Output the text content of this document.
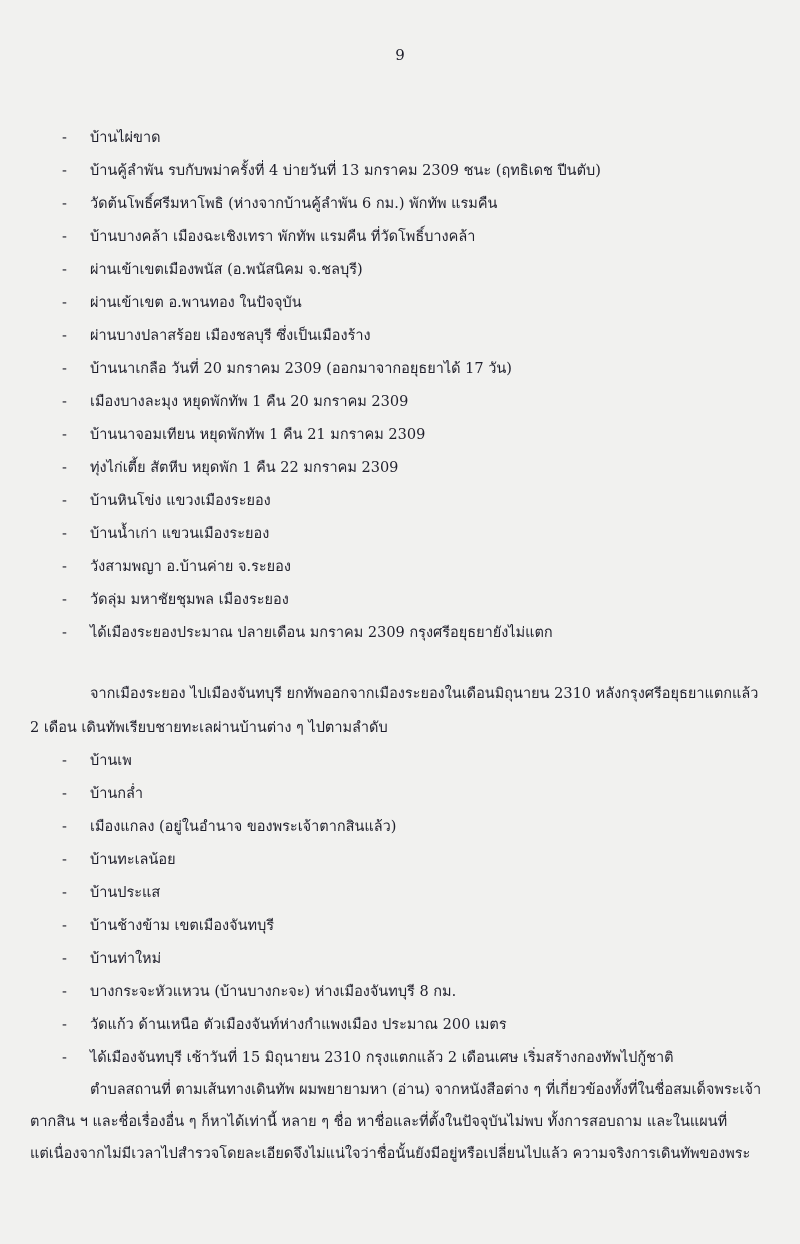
9
- บ้านไผ่ขาด
- บ้านคู้ลำพัน รบกับพม่าครั้งที่ 4 บ่ายวันที่ 13 มกราคม 2309 ชนะ (ฤทธิเดช ปีนตับ)
- วัดต้นโพธิ์ศรีมหาโพธิ (ห่างจากบ้านคู้ลำพัน 6 กม.) พักทัพ แรมคืน
- บ้านบางคล้า เมืองฉะเชิงเทรา พักทัพ แรมคืน ที่วัดโพธิ์บางคล้า
- ผ่านเข้าเขตเมืองพนัส (อ.พนัสนิคม จ.ชลบุรี)
- ผ่านเข้าเขต อ.พานทอง ในปัจจุบัน
- ผ่านบางปลาสร้อย เมืองชลบุรี ซึ่งเป็นเมืองร้าง
- บ้านนาเกลือ วันที่ 20 มกราคม 2309 (ออกมาจากอยุธยาได้ 17 วัน)
- เมืองบางละมุง หยุดพักทัพ 1 คืน 20 มกราคม 2309
- บ้านนาจอมเทียน หยุดพักทัพ 1 คืน 21 มกราคม 2309
- ทุ่งไก่เตี้ย สัตหีบ หยุดพัก 1 คืน 22 มกราคม 2309
- บ้านหินโข่ง แขวงเมืองระยอง
- บ้านน้ำเก่า แขวนเมืองระยอง
- วังสามพญา อ.บ้านค่าย จ.ระยอง
- วัดลุ่ม มหาชัยชุมพล เมืองระยอง
- ได้เมืองระยองประมาณ ปลายเดือน มกราคม 2309 กรุงศรีอยุธยายังไม่แตก
จากเมืองระยอง ไปเมืองจันทบุรี ยกทัพออกจากเมืองระยองในเดือนมิถุนายน 2310 หลังกรุงศรีอยุธยาแตกแล้ว
2 เดือน เดินทัพเรียบชายทะเลผ่านบ้านต่าง ๆ ไปตามลำดับ
- บ้านเพ
- บ้านกล่ำ
- เมืองแกลง (อยู่ในอำนาจ ของพระเจ้าตากสินแล้ว)
- บ้านทะเลน้อย
- บ้านประแส
- บ้านช้างข้าม เขตเมืองจันทบุรี
- บ้านท่าใหม่
- บางกระจะหัวแหวน (บ้านบางกะจะ) ห่างเมืองจันทบุรี 8 กม.
- วัดแก้ว ด้านเหนือ ตัวเมืองจันท์ห่างกำแพงเมือง ประมาณ 200 เมตร
- ได้เมืองจันทบุรี เช้าวันที่ 15 มิถุนายน 2310 กรุงแตกแล้ว 2 เดือนเศษ เริ่มสร้างกองทัพไปกู้ชาติ
ตำบลสถานที่ ตามเส้นทางเดินทัพ ผมพยายามหา (อ่าน) จากหนังสือต่าง ๆ ที่เกี่ยวข้องทั้งที่ในชื่อสมเด็จพระเจ้า
ตากสิน ฯ และชื่อเรื่องอื่น ๆ ก็หาได้เท่านี้ หลาย ๆ ชื่อ หาชื่อและที่ตั้งในปัจจุบันไม่พบ ทั้งการสอบถาม และในแผนที่
แต่เนื่องจากไม่มีเวลาไปสำรวจโดยละเอียดจึงไม่แน่ใจว่าชื่อนั้นยังมีอยู่หรือเปลี่ยนไปแล้ว ความจริงการเดินทัพของพระ
